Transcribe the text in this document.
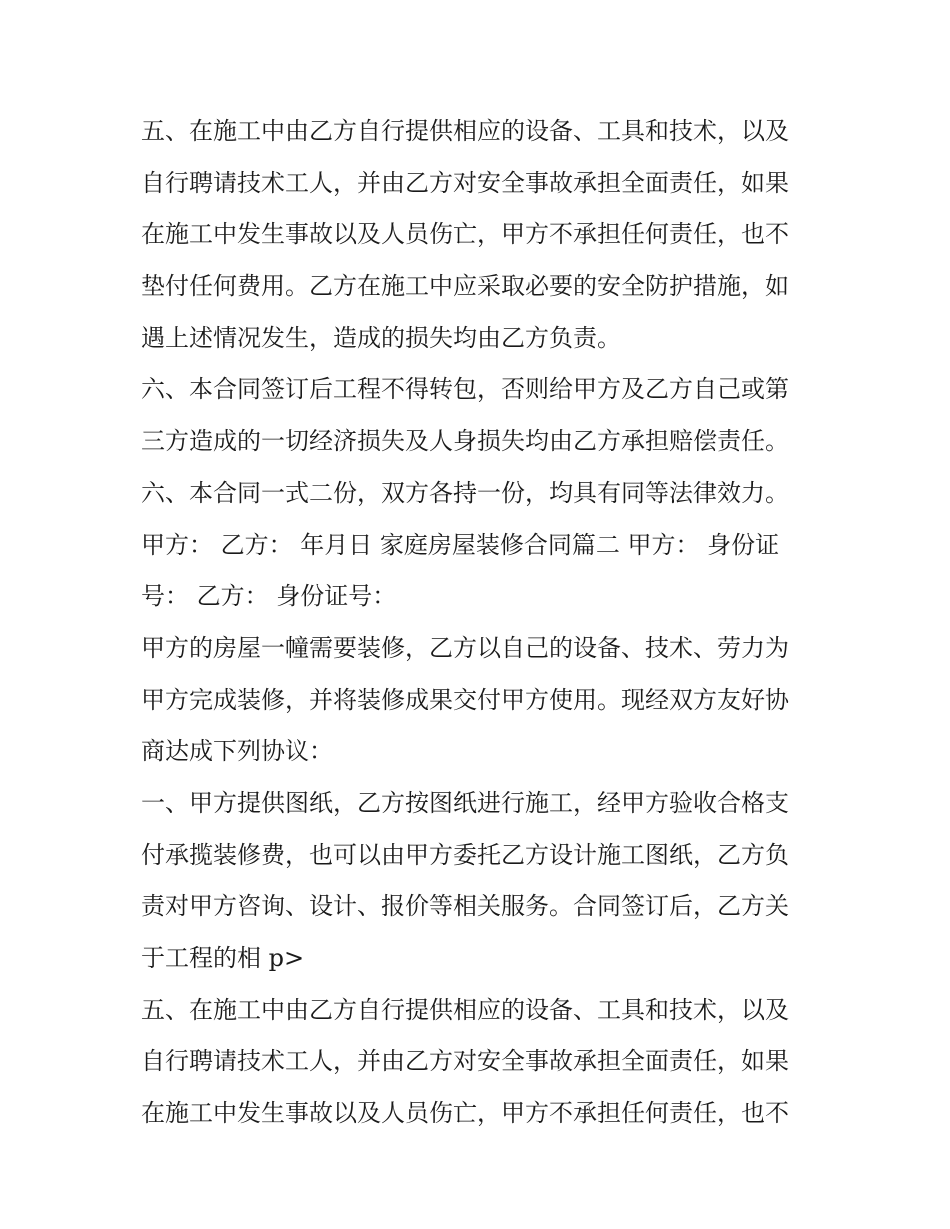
五、在施工中由乙方自行提供相应的设备、工具和技术，以及
自行聘请技术工人，并由乙方对安全事故承担全面责任，如果
在施工中发生事故以及人员伤亡，甲方不承担任何责任，也不
垫付任何费用。乙方在施工中应采取必要的安全防护措施，如
遇上述情况发生，造成的损失均由乙方负责。
六、本合同签订后工程不得转包，否则给甲方及乙方自己或第
三方造成的一切经济损失及人身损失均由乙方承担赔偿责任。
六、本合同一式二份，双方各持一份，均具有同等法律效力。
甲方： 乙方： 年月日 家庭房屋装修合同篇二 甲方： 身份证
号： 乙方： 身份证号：
甲方的房屋一幢需要装修，乙方以自己的设备、技术、劳力为
甲方完成装修，并将装修成果交付甲方使用。现经双方友好协
商达成下列协议：
一、甲方提供图纸，乙方按图纸进行施工，经甲方验收合格支
付承揽装修费，也可以由甲方委托乙方设计施工图纸，乙方负
责对甲方咨询、设计、报价等相关服务。合同签订后，乙方关
于工程的相 p>
五、在施工中由乙方自行提供相应的设备、工具和技术，以及
自行聘请技术工人，并由乙方对安全事故承担全面责任，如果
在施工中发生事故以及人员伤亡，甲方不承担任何责任，也不
